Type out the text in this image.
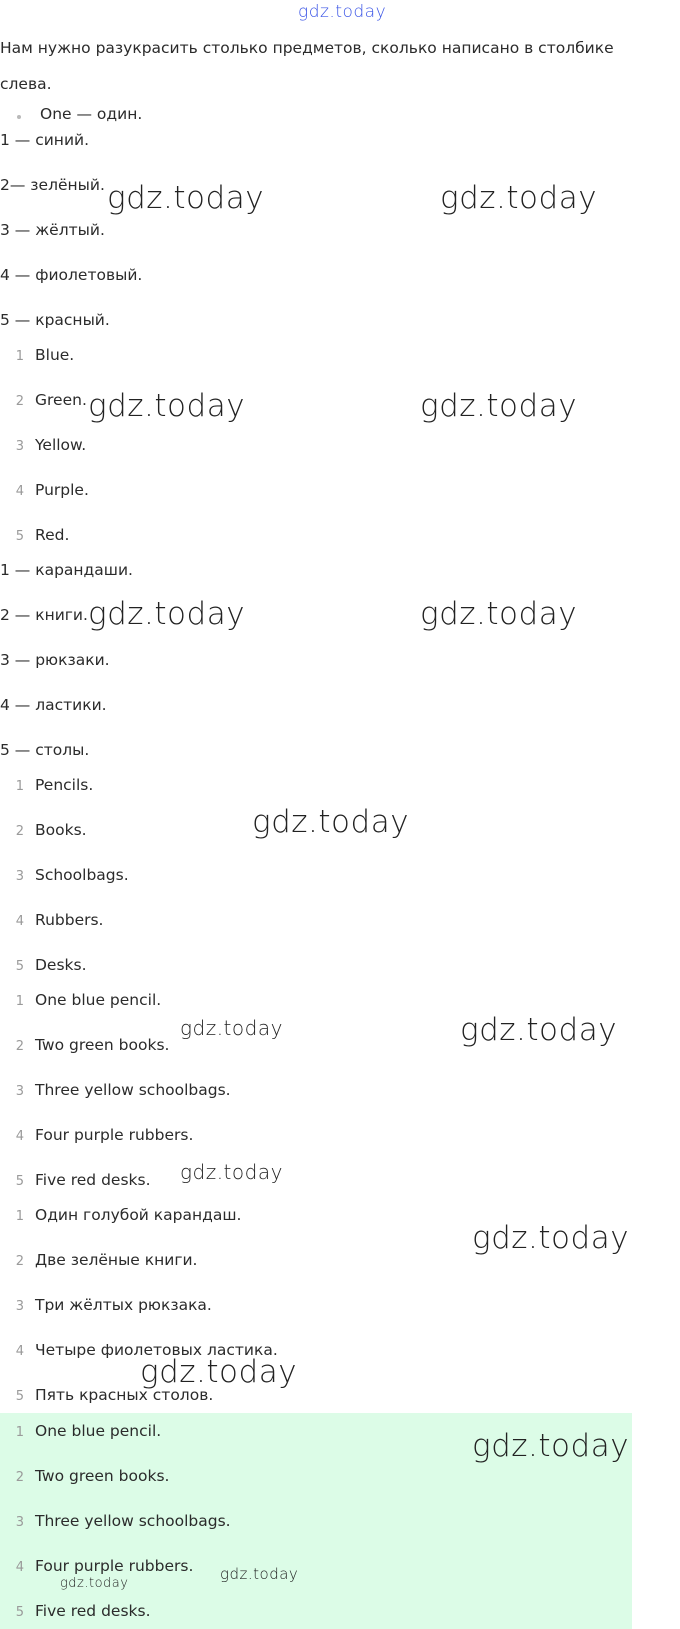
gdz.today

Нам нужно разукрасить столько предметов, сколько написано в столбике слева.

One — один.
1 — синий.
2— зелёный.
3 — жёлтый.
4 — фиолетовый.
5 — красный.
1 Blue.
2 Green.
3 Yellow.
4 Purple.
5 Red.
1 — карандаши.
2 — книги.
3 — рюкзаки.
4 — ластики.
5 — столы.
1 Pencils.
2 Books.
3 Schoolbags.
4 Rubbers.
5 Desks.
1 One blue pencil.
2 Two green books.
3 Three yellow schoolbags.
4 Four purple rubbers.
5 Five red desks.
1 Один голубой карандаш.
2 Две зелёные книги.
3 Три жёлтых рюкзака.
4 Четыре фиолетовых ластика.
5 Пять красных столов.
1 One blue pencil.
2 Two green books.
3 Three yellow schoolbags.
4 Four purple rubbers.
5 Five red desks.
gdz.today	gdz.today
gdz.today	gdz.today
gdz.today	gdz.today
gdz.today
gdz.today	gdz.today
gdz.today
gdz.today
gdz.today
gdz.today
gdz.today
gdz.today
